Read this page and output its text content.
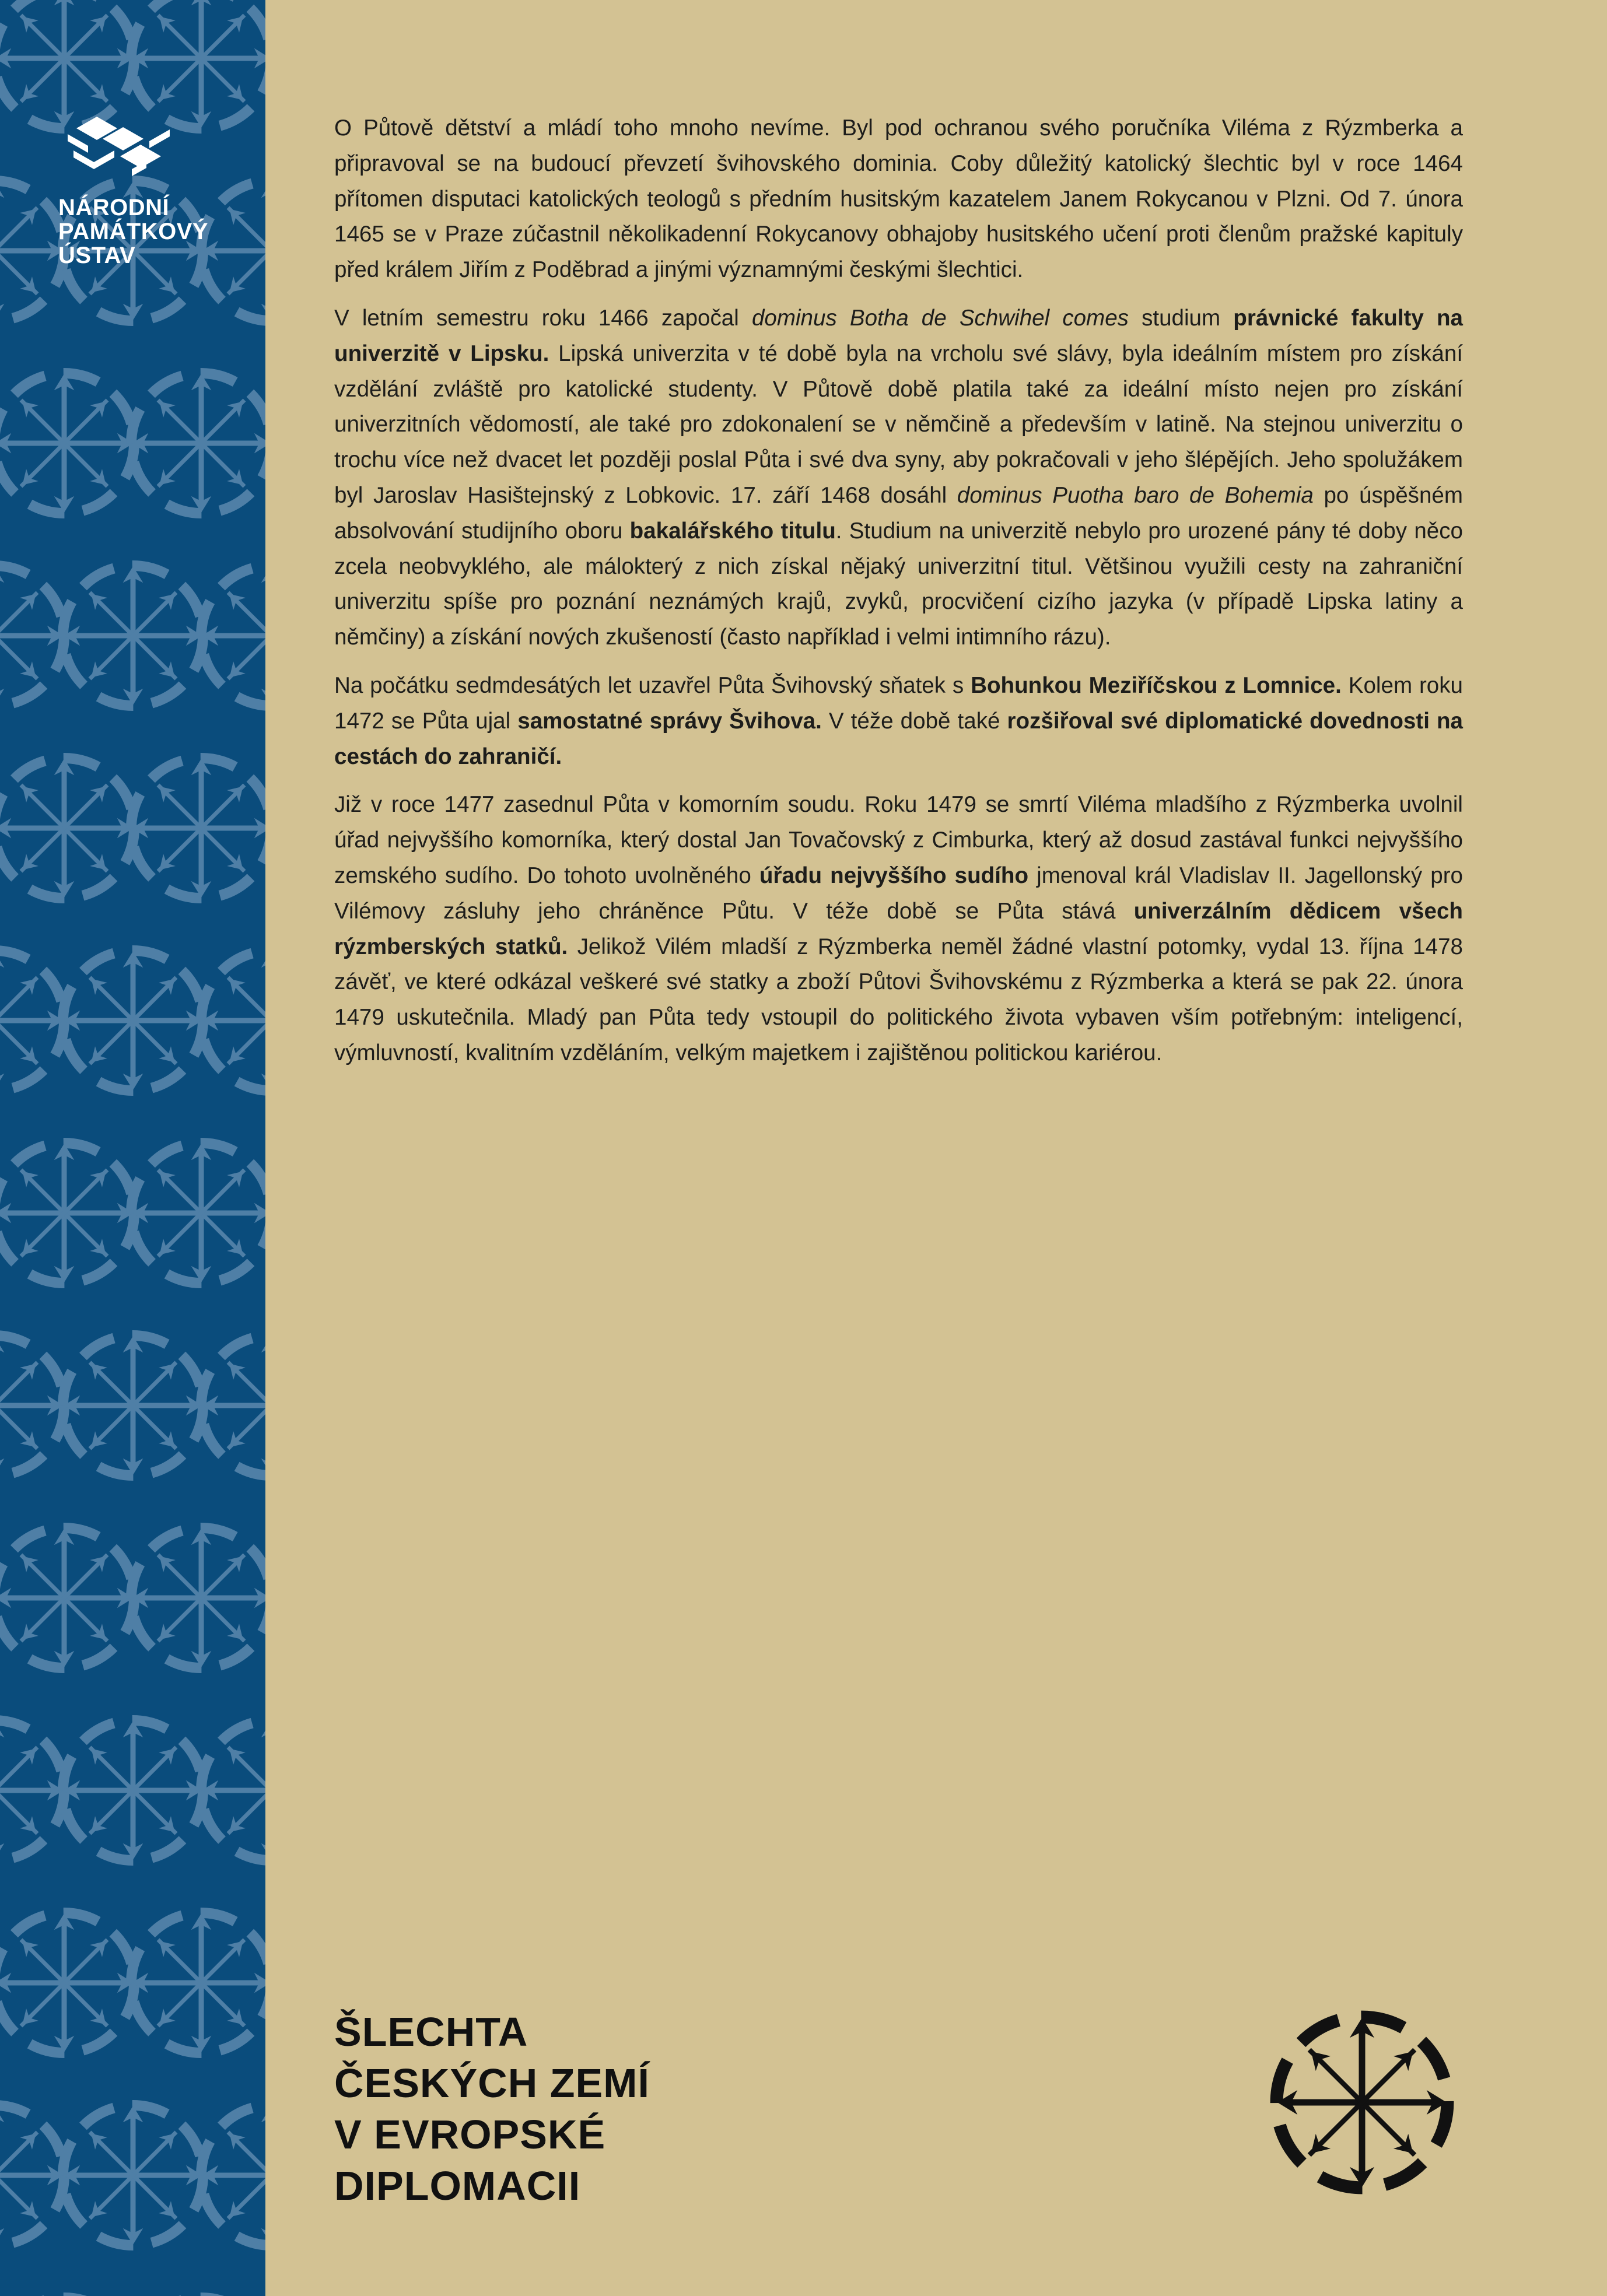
NÁRODNÍ
PAMÁTKOVÝ
ÚSTAV

O Půtově dětství a mládí toho mnoho nevíme. Byl pod ochranou svého poručníka Viléma z Rýzmberka a připravoval se na budoucí převzetí švihovského dominia. Coby důležitý katolický šlechtic byl v roce 1464 přítomen disputaci katolických teologů s předním husitským kazatelem Janem Rokycanou v Plzni. Od 7. února 1465 se v Praze zúčastnil několikadenní Rokycanovy obhajoby husitského učení proti členům pražské kapituly před králem Jiřím z Poděbrad a jinými významnými českými šlechtici.

V letním semestru roku 1466 započal dominus Botha de Schwihel comes studium právnické fakulty na univerzitě v Lipsku. Lipská univerzita v té době byla na vrcholu své slávy, byla ideálním místem pro získání vzdělání zvláště pro katolické studenty. V Půtově době platila také za ideální místo nejen pro získání univerzitních vědomostí, ale také pro zdokonalení se v němčině a především v latině. Na stejnou univerzitu o trochu více než dvacet let později poslal Půta i své dva syny, aby pokračovali v jeho šlépějích. Jeho spolužákem byl Jaroslav Hasištejnský z Lobkovic. 17. září 1468 dosáhl dominus Puotha baro de Bohemia po úspěšném absolvování studijního oboru bakalářského titulu. Studium na univerzitě nebylo pro urozené pány té doby něco zcela neobvyklého, ale málokterý z nich získal nějaký univerzitní titul. Většinou využili cesty na zahraniční univerzitu spíše pro poznání neznámých krajů, zvyků, procvičení cizího jazyka (v případě Lipska latiny a němčiny) a získání nových zkušeností (často například i velmi intimního rázu).

Na počátku sedmdesátých let uzavřel Půta Švihovský sňatek s Bohunkou Meziříčskou z Lomnice. Kolem roku 1472 se Půta ujal samostatné správy Švihova. V téže době také rozšiřoval své diplomatické dovednosti na cestách do zahraničí.

Již v roce 1477 zasednul Půta v komorním soudu. Roku 1479 se smrtí Viléma mladšího z Rýzmberka uvolnil úřad nejvyššího komorníka, který dostal Jan Tovačovský z Cimburka, který až dosud zastával funkci nejvyššího zemského sudího. Do tohoto uvolněného úřadu nejvyššího sudího jmenoval král Vladislav II. Jagellonský pro Vilémovy zásluhy jeho chráněnce Půtu. V téže době se Půta stává univerzálním dědicem všech rýzmberských statků. Jelikož Vilém mladší z Rýzmberka neměl žádné vlastní potomky, vydal 13. října 1478 závěť, ve které odkázal veškeré své statky a zboží Půtovi Švihovskému z Rýzmberka a která se pak 22. února 1479 uskutečnila. Mladý pan Půta tedy vstoupil do politického života vybaven vším potřebným: inteligencí, výmluvností, kvalitním vzděláním, velkým majetkem i zajištěnou politickou kariérou.

ŠLECHTA
ČESKÝCH ZEMÍ
V EVROPSKÉ
DIPLOMACII
